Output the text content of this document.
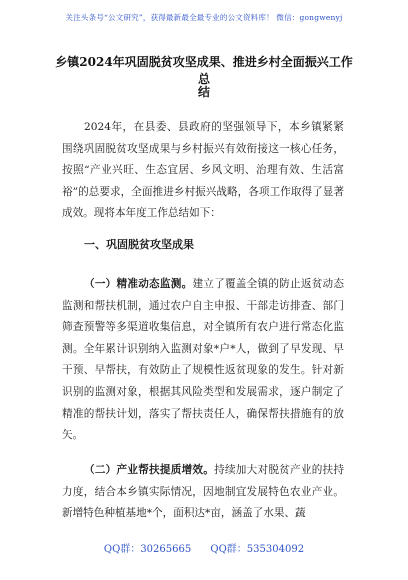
关注头条号“公文研究”，获得最新最全最专业的公文资料库！ 微信：gongwenyj
乡镇2024年巩固脱贫攻坚成果、推进乡村全面振兴工作总
结

2024年，在县委、县政府的坚强领导下，本乡镇紧紧围绕巩固脱贫攻坚成果与乡村振兴有效衔接这一核心任务，按照“产业兴旺、生态宜居、乡风文明、治理有效、生活富裕”的总要求，全面推进乡村振兴战略，各项工作取得了显著成效。现将本年度工作总结如下：

一、巩固脱贫攻坚成果

（一）精准动态监测。建立了覆盖全镇的防止返贫动态监测和帮扶机制，通过农户自主申报、干部走访排查、部门筛查预警等多渠道收集信息，对全镇所有农户进行常态化监测。全年累计识别纳入监测对象*户*人，做到了早发现、早干预、早帮扶，有效防止了规模性返贫现象的发生。针对新识别的监测对象，根据其风险类型和发展需求，逐户制定了精准的帮扶计划，落实了帮扶责任人，确保帮扶措施有的放矢。

（二）产业帮扶提质增效。持续加大对脱贫产业的扶持力度，结合本乡镇实际情况，因地制宜发展特色农业产业。新增特色种植基地*个，面积达*亩，涵盖了水果、蔬

QQ群：30265665 QQ群：535304092
